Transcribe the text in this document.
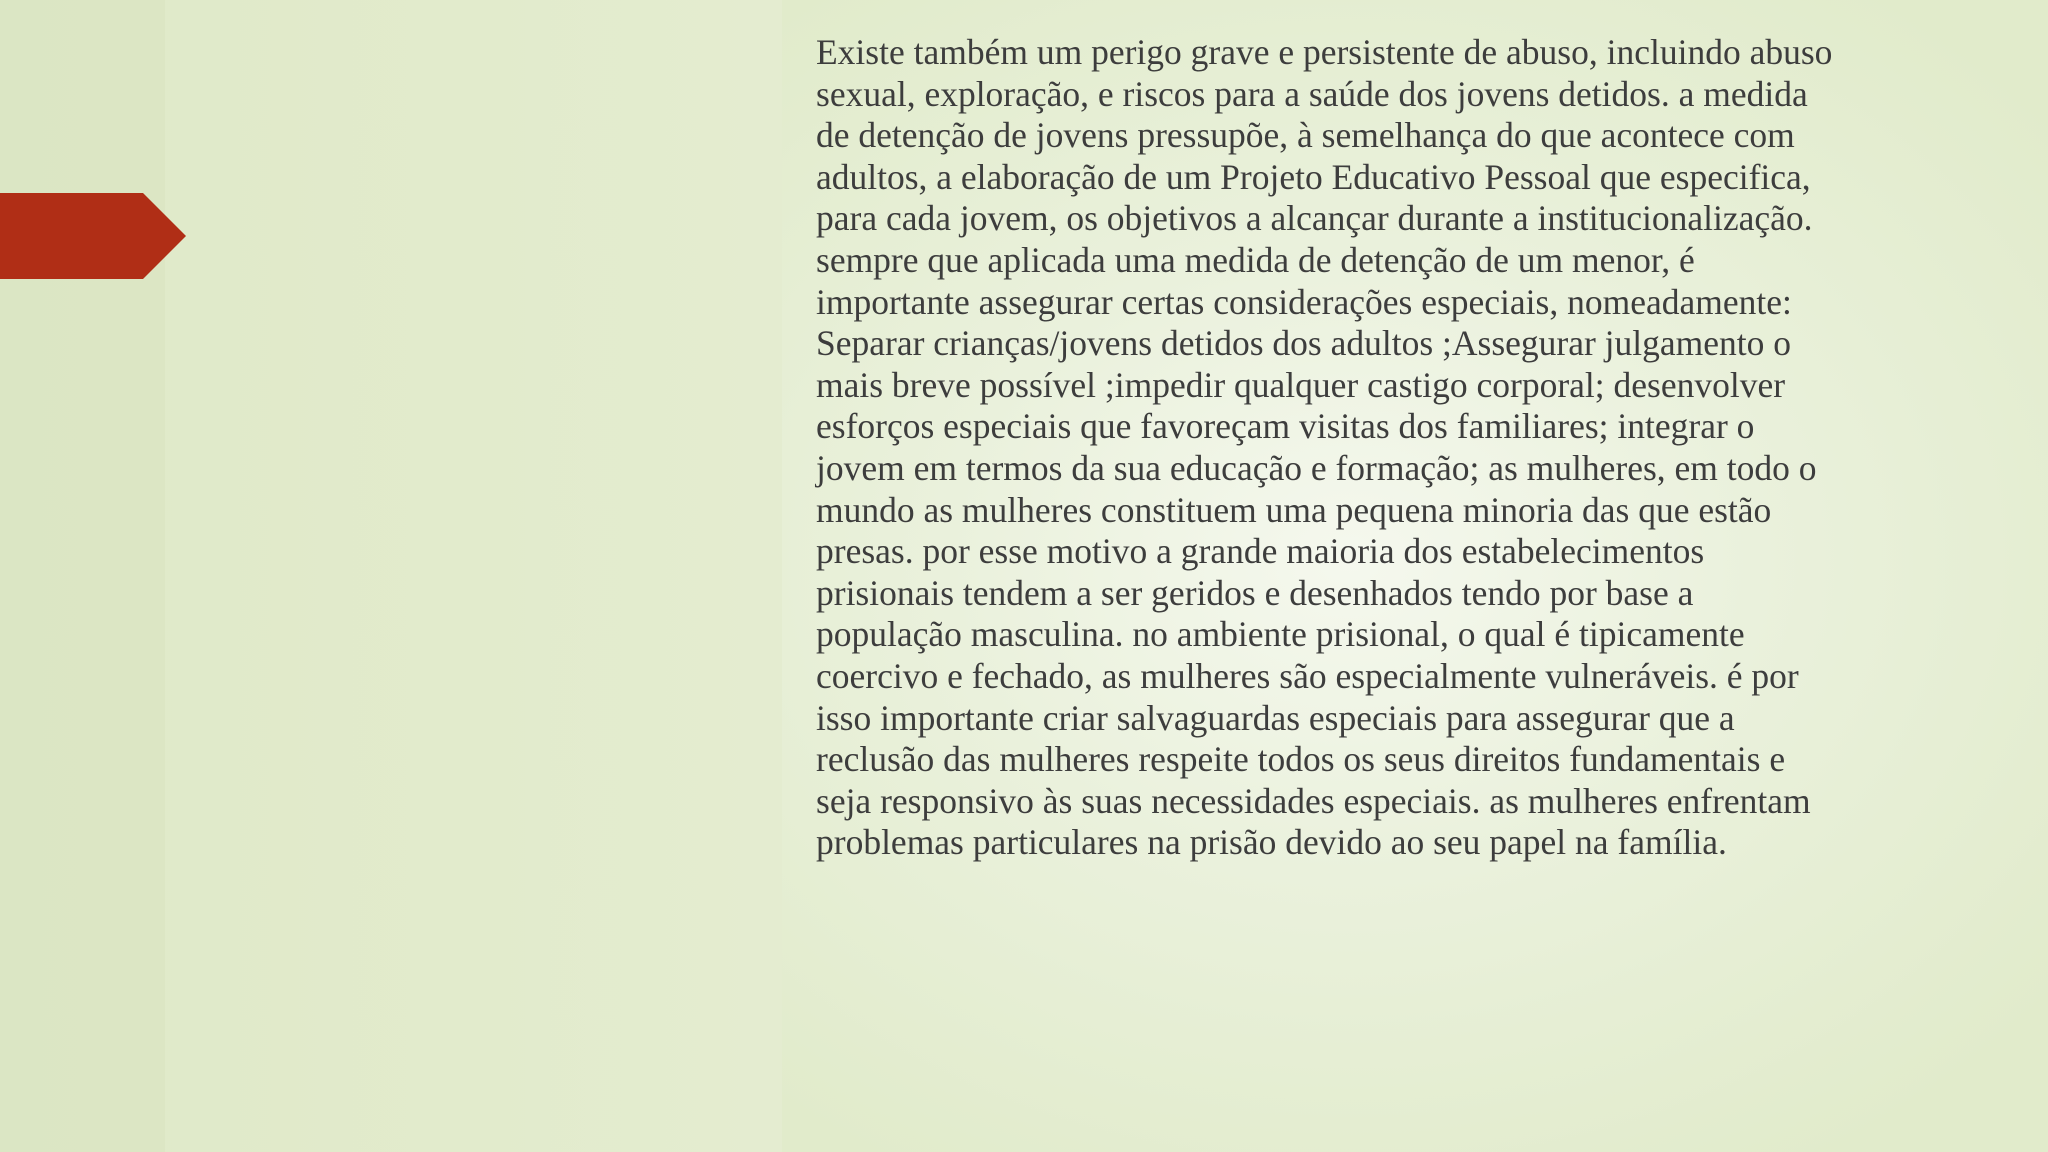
Existe também um perigo grave e persistente de abuso, incluindo abuso
sexual, exploração, e riscos para a saúde dos jovens detidos. a medida
de detenção de jovens pressupõe, à semelhança do que acontece com
adultos, a elaboração de um Projeto Educativo Pessoal que especifica,
para cada jovem, os objetivos a alcançar durante a institucionalização.
sempre que aplicada uma medida de detenção de um menor, é
importante assegurar certas considerações especiais, nomeadamente:
Separar crianças/jovens detidos dos adultos ;Assegurar julgamento o
mais breve possível ;impedir qualquer castigo corporal; desenvolver
esforços especiais que favoreçam visitas dos familiares; integrar o
jovem em termos da sua educação e formação; as mulheres, em todo o
mundo as mulheres constituem uma pequena minoria das que estão
presas. por esse motivo a grande maioria dos estabelecimentos
prisionais tendem a ser geridos e desenhados tendo por base a
população masculina. no ambiente prisional, o qual é tipicamente
coercivo e fechado, as mulheres são especialmente vulneráveis. é por
isso importante criar salvaguardas especiais para assegurar que a
reclusão das mulheres respeite todos os seus direitos fundamentais e
seja responsivo às suas necessidades especiais. as mulheres enfrentam
problemas particulares na prisão devido ao seu papel na família.
